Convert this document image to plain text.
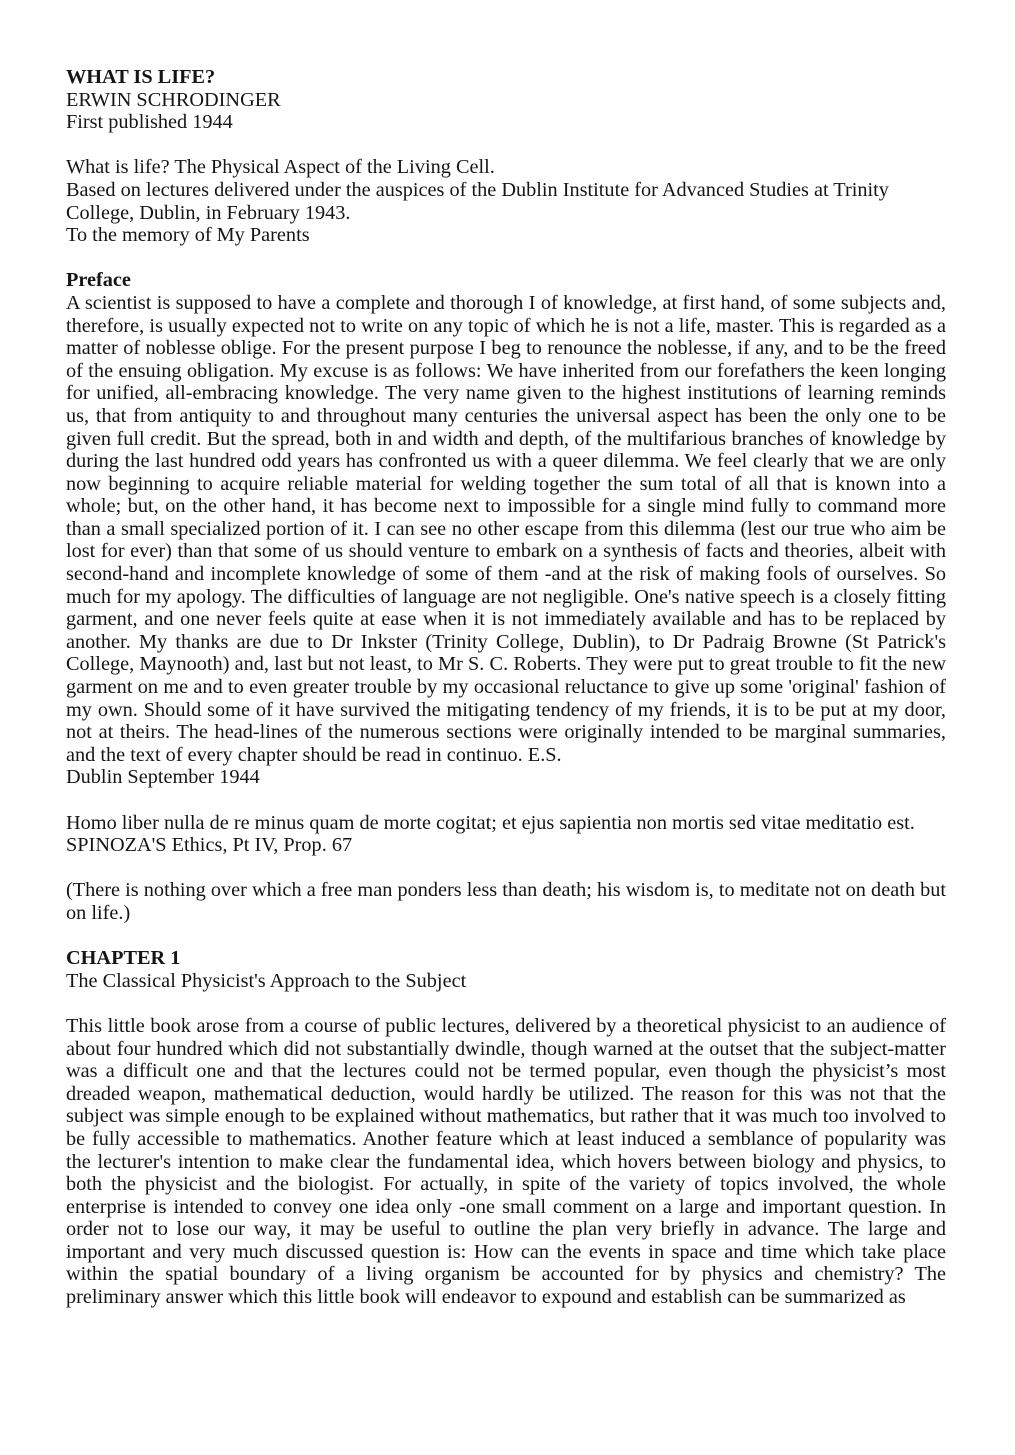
WHAT IS LIFE?
ERWIN SCHRODINGER
First published 1944
What is life? The Physical Aspect of the Living Cell.
Based on lectures delivered under the auspices of the Dublin Institute for Advanced Studies at Trinity
College, Dublin, in February 1943.
To the memory of My Parents
Preface

A scientist is supposed to have a complete and thorough I of knowledge, at first hand, of some subjects and, therefore, is usually expected not to write on any topic of which he is not a life, master. This is regarded as a matter of noblesse oblige. For the present purpose I beg to renounce the noblesse, if any, and to be the freed of the ensuing obligation. My excuse is as follows: We have inherited from our forefathers the keen longing for unified, all-embracing knowledge. The very name given to the highest institutions of learning reminds us, that from antiquity to and throughout many centuries the universal aspect has been the only one to be given full credit. But the spread, both in and width and depth, of the multifarious branches of knowledge by during the last hundred odd years has confronted us with a queer dilemma. We feel clearly that we are only now beginning to acquire reliable material for welding together the sum total of all that is known into a whole; but, on the other hand, it has become next to impossible for a single mind fully to command more than a small specialized portion of it. I can see no other escape from this dilemma (lest our true who aim be lost for ever) than that some of us should venture to embark on a synthesis of facts and theories, albeit with second-hand and incomplete knowledge of some of them -and at the risk of making fools of ourselves. So much for my apology. The difficulties of language are not negligible. One's native speech is a closely fitting garment, and one never feels quite at ease when it is not immediately available and has to be replaced by another. My thanks are due to Dr Inkster (Trinity College, Dublin), to Dr Padraig Browne (St Patrick's College, Maynooth) and, last but not least, to Mr S. C. Roberts. They were put to great trouble to fit the new garment on me and to even greater trouble by my occasional reluctance to give up some 'original' fashion of my own. Should some of it have survived the mitigating tendency of my friends, it is to be put at my door, not at theirs. The head-lines of the numerous sections were originally intended to be marginal summaries, and the text of every chapter should be read in continuo. E.S.

Dublin September 1944
Homo liber nulla de re minus quam de morte cogitat; et ejus sapientia non mortis sed vitae meditatio est.
SPINOZA'S Ethics, Pt IV, Prop. 67

(There is nothing over which a free man ponders less than death; his wisdom is, to meditate not on death but on life.)

CHAPTER 1
The Classical Physicist's Approach to the Subject

This little book arose from a course of public lectures, delivered by a theoretical physicist to an audience of about four hundred which did not substantially dwindle, though warned at the outset that the subject-matter was a difficult one and that the lectures could not be termed popular, even though the physicist’s most dreaded weapon, mathematical deduction, would hardly be utilized. The reason for this was not that the subject was simple enough to be explained without mathematics, but rather that it was much too involved to be fully accessible to mathematics. Another feature which at least induced a semblance of popularity was the lecturer's intention to make clear the fundamental idea, which hovers between biology and physics, to both the physicist and the biologist. For actually, in spite of the variety of topics involved, the whole enterprise is intended to convey one idea only -one small comment on a large and important question. In order not to lose our way, it may be useful to outline the plan very briefly in advance. The large and important and very much discussed question is: How can the events in space and time which take place within the spatial boundary of a living organism be accounted for by physics and chemistry? The preliminary answer which this little book will endeavor to expound and establish can be summarized as
